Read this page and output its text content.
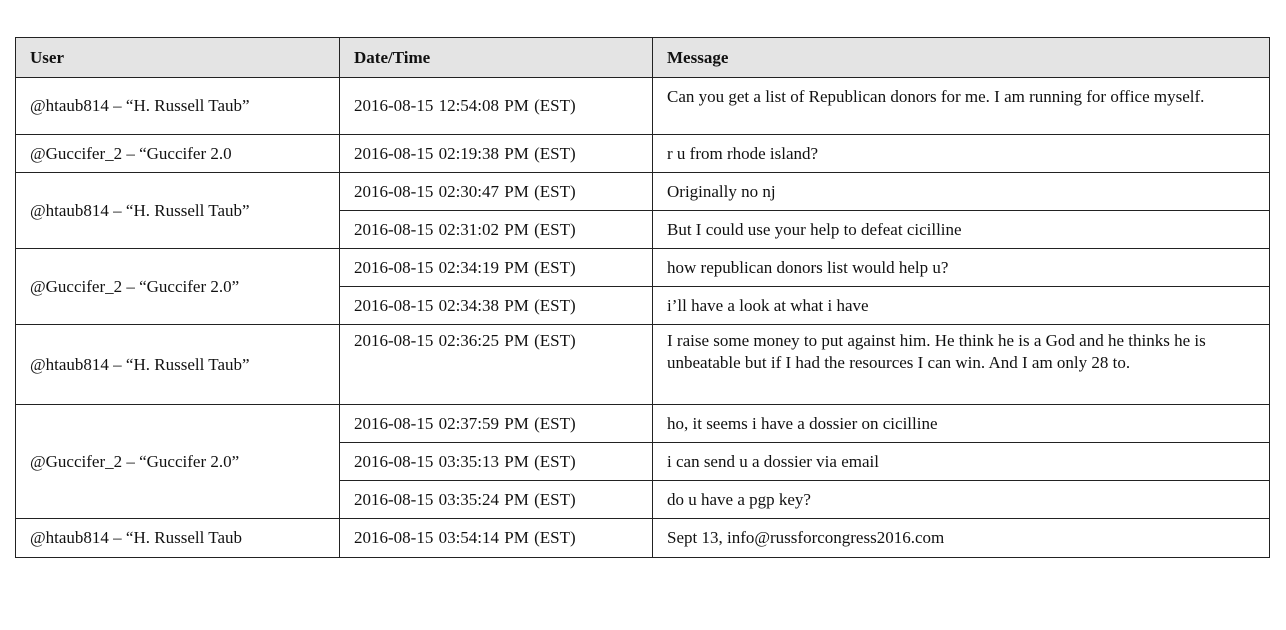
User	Date/Time	Message
@htaub814 – “H. Russell Taub”	2016-08-15 12:54:08 PM (EST)	Can you get a list of Republican donors for me. I am running for office myself.
@Guccifer_2 – “Guccifer 2.0	2016-08-15 02:19:38 PM (EST)	r u from rhode island?
@htaub814 – “H. Russell Taub”	2016-08-15 02:30:47 PM (EST)	Originally no nj
	2016-08-15 02:31:02 PM (EST)	But I could use your help to defeat cicilline
@Guccifer_2 – “Guccifer 2.0”	2016-08-15 02:34:19 PM (EST)	how republican donors list would help u?
	2016-08-15 02:34:38 PM (EST)	i’ll have a look at what i have
@htaub814 – “H. Russell Taub”	2016-08-15 02:36:25 PM (EST)	I raise some money to put against him. He think he is a God and he thinks he is unbeatable but if I had the resources I can win. And I am only 28 to.
@Guccifer_2 – “Guccifer 2.0”	2016-08-15 02:37:59 PM (EST)	ho, it seems i have a dossier on cicilline
	2016-08-15 03:35:13 PM (EST)	i can send u a dossier via email
	2016-08-15 03:35:24 PM (EST)	do u have a pgp key?
@htaub814 – “H. Russell Taub	2016-08-15 03:54:14 PM (EST)	Sept 13, info@russforcongress2016.com
